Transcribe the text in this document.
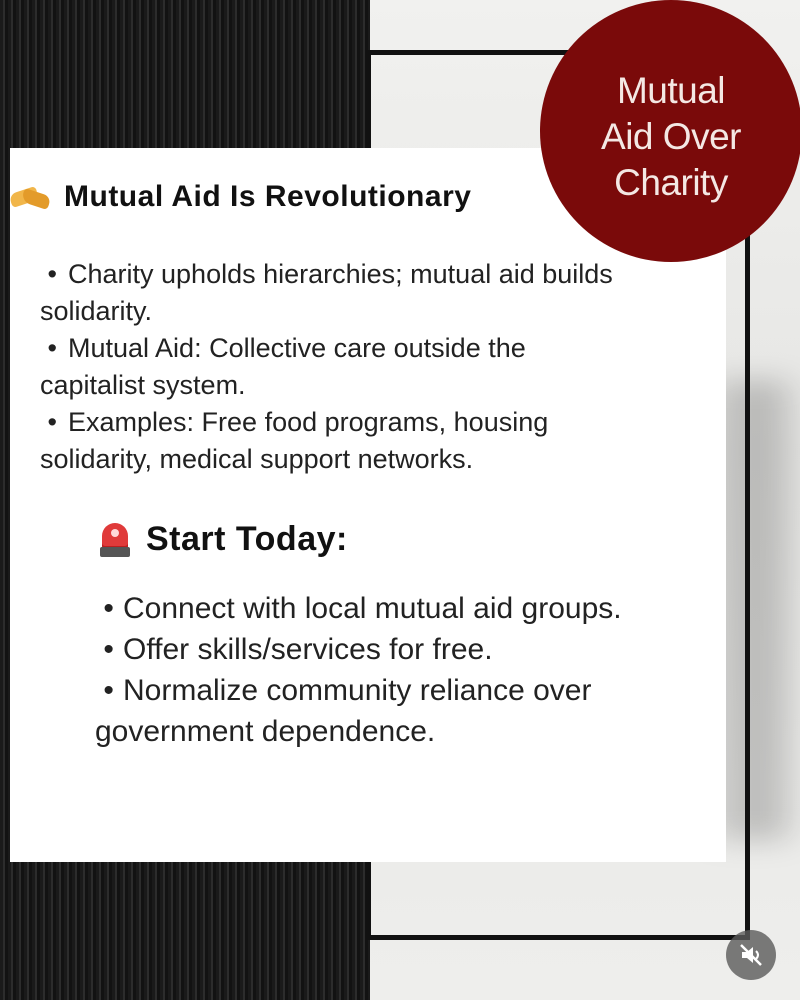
Mutual Aid Is Revolutionary
Mutual
Aid Over
Charity

• Charity upholds hierarchies; mutual aid builds

solidarity.

• Mutual Aid: Collective care outside the

capitalist system.

• Examples: Free food programs, housing

solidarity, medical support networks.

Start Today:

• Connect with local mutual aid groups.

• Offer skills/services for free.

• Normalize community reliance over

government dependence.
